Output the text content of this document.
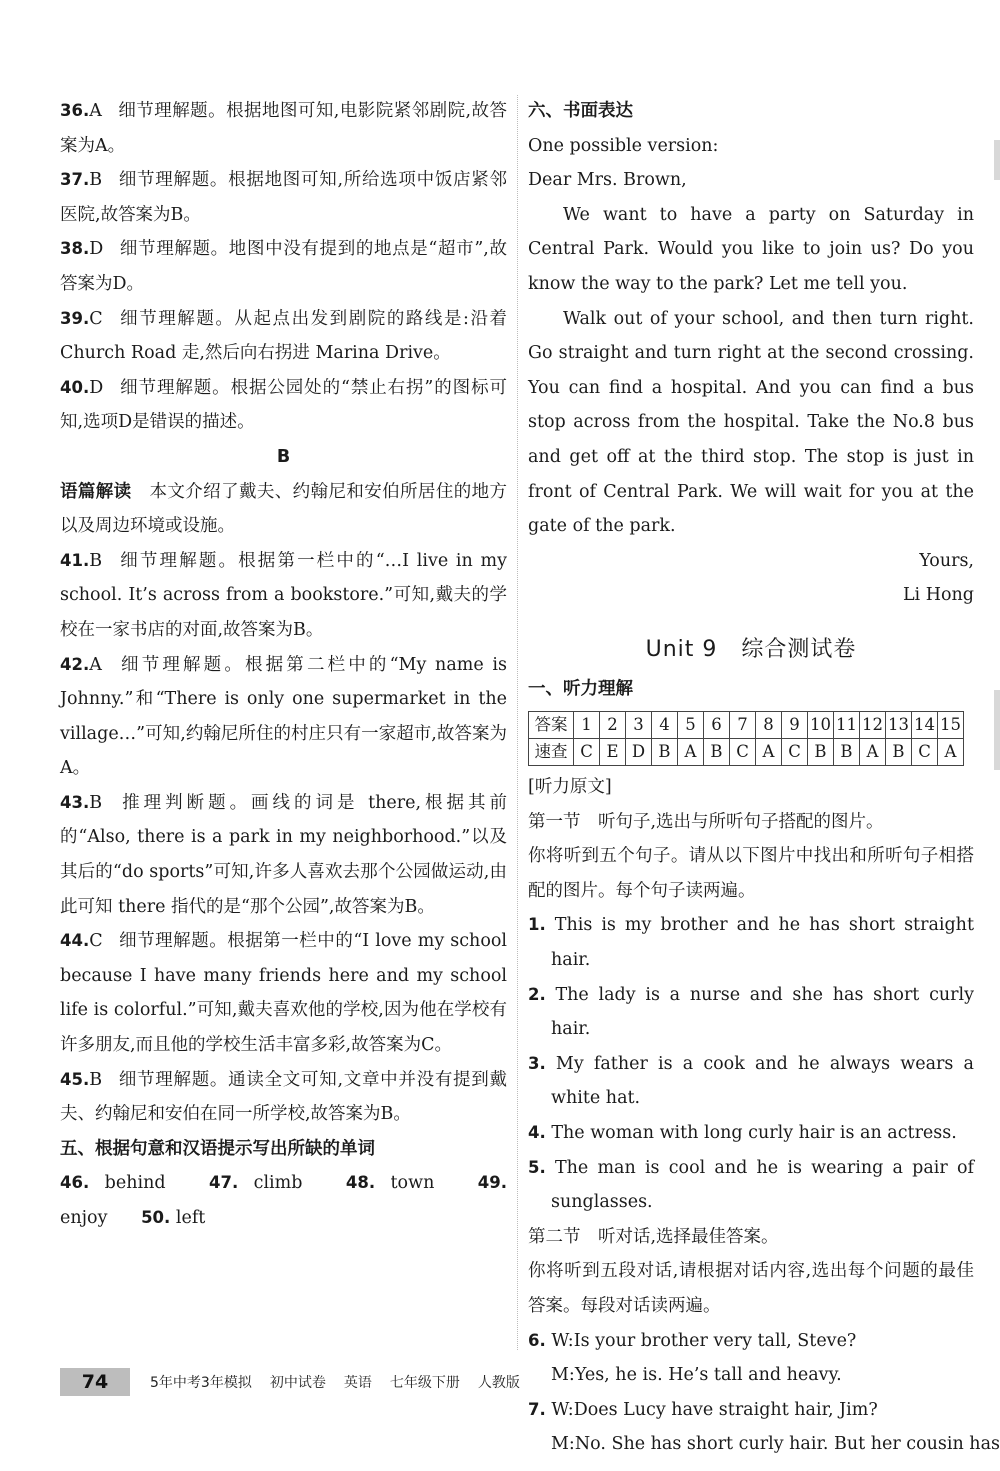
36.A 细节理解题。根据地图可知,电影院紧邻剧院,故答案为A。

37.B 细节理解题。根据地图可知,所给选项中饭店紧邻医院,故答案为B。

38.D 细节理解题。地图中没有提到的地点是“超市”,故答案为D。

39.C 细节理解题。从起点出发到剧院的路线是:沿着 Church Road 走,然后向右拐进 Marina Drive。

40.D 细节理解题。根据公园处的“禁止右拐”的图标可知,选项D是错误的描述。

B

语篇解读　 本文介绍了戴夫、约翰尼和安伯所居住的地方以及周边环境或设施。

41.B 细节理解题。根据第一栏中的“…I live in my school. It’s across from a bookstore.”可知,戴夫的学校在一家书店的对面,故答案为B。

42.A 细节理解题。根据第二栏中的“My name is Johnny.”和“There is only one supermarket in the village…”可知,约翰尼所住的村庄只有一家超市,故答案为A。

43.B 推理判断题。画线的词是 there,根据其前的“Also, there is a park in my neighborhood.”以及其后的“do sports”可知,许多人喜欢去那个公园做运动,由此可知 there 指代的是“那个公园”,故答案为B。

44.C 细节理解题。根据第一栏中的“I love my school because I have many friends here and my school life is colorful.”可知,戴夫喜欢他的学校,因为他在学校有许多朋友,而且他的学校生活丰富多彩,故答案为C。

45.B 细节理解题。通读全文可知,文章中并没有提到戴夫、约翰尼和安伯在同一所学校,故答案为B。

五、根据句意和汉语提示写出所缺的单词

46. behind	47. climb	48. town	49. enjoy 50. left

六、书面表达

One possible version:

Dear Mrs. Brown,

We want to have a party on Saturday in Central Park. Would you like to join us? Do you know the way to the park? Let me tell you.

Walk out of your school, and then turn right. Go straight and turn right at the second crossing. You can find a hospital. And you can find a bus stop across from the hospital. Take the No.8 bus and get off at the third stop. The stop is just in front of Central Park. We will wait for you at the gate of the park.

Yours,

Li Hong

Unit 9 综合测试卷

一、听力理解

答案	1	2	3	4	5	6	7	8	9	10	11	12	13	14	15
速查	C	E	D	B	A	B	C	A	C	B	B	A	B	C	A

[听力原文]

第一节　听句子,选出与所听句子搭配的图片。

你将听到五个句子。请从以下图片中找出和所听句子相搭配的图片。每个句子读两遍。

1. This is my brother and he has short straight hair.

2. The lady is a nurse and she has short curly hair.

3. My father is a cook and he always wears a white hat.

4. The woman with long curly hair is an actress.

5. The man is cool and he is wearing a pair of sunglasses.

第二节　听对话,选择最佳答案。

你将听到五段对话,请根据对话内容,选出每个问题的最佳答案。每段对话读两遍。

6. W:Is your brother very tall, Steve?

M:Yes, he is. He’s tall and heavy.

7. W:Does Lucy have straight hair, Jim?

M:No. She has short curly hair. But her cousin has

74	5年中考3年模拟 初中试卷 英语 七年级下册 人教版
